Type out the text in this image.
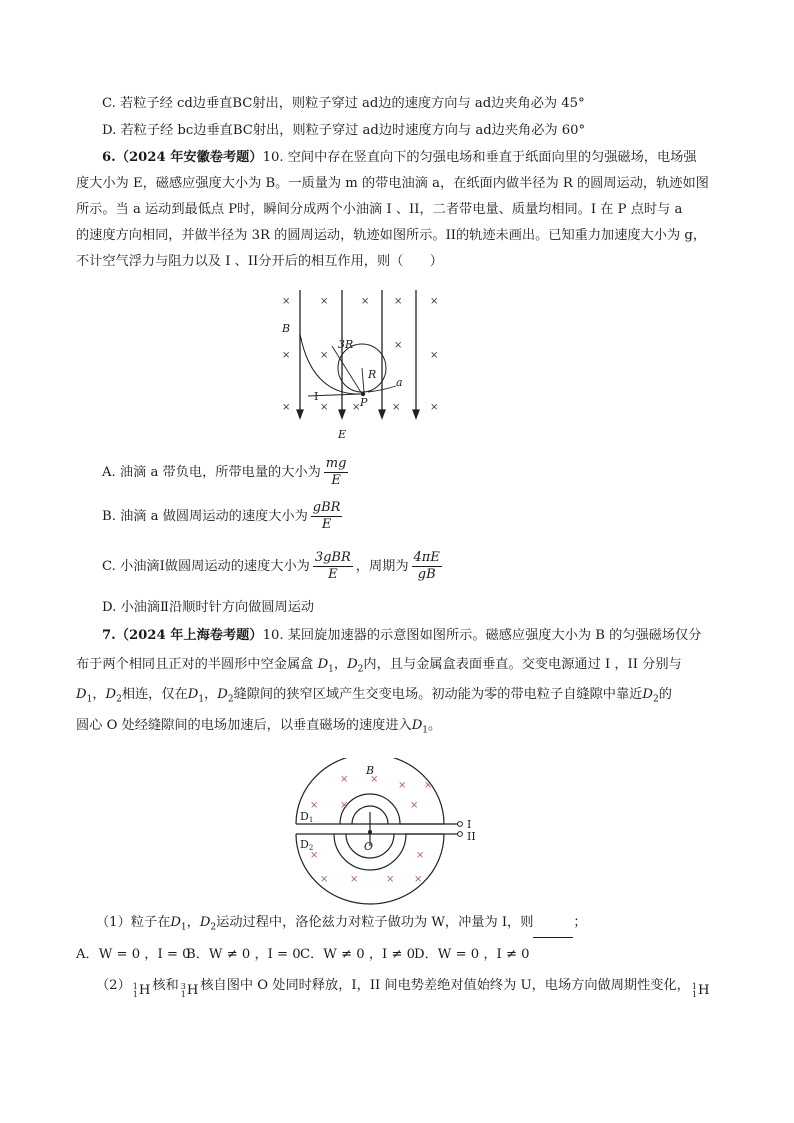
C. 若粒子经 cd边垂直BC射出，则粒子穿过 ad边的速度方向与 ad边夹角必为 45°
D. 若粒子经 bc边垂直BC射出，则粒子穿过 ad边时速度方向与 ad边夹角必为 60°
6.（2024 年安徽卷考题）10. 空间中存在竖直向下的匀强电场和垂直于纸面向里的匀强磁场，电场强
度大小为 E，磁感应强度大小为 B。一质量为 m 的带电油滴 a，在纸面内做半径为 R 的圆周运动，轨迹如图
所示。当 a 运动到最低点 P时，瞬间分成两个小油滴 I 、II，二者带电量、质量均相同。I 在 P 点时与 a
的速度方向相同，并做半径为 3R 的圆周运动，轨迹如图所示。II的轨迹未画出。已知重力加速度大小为 g，
不计空气浮力与阻力以及 I 、II分开后的相互作用，则（　　）
×	×	× ×	×
×	×
×
×
×	× ×	×	×
B
3R
R
P
a
I
E
A. 油滴 a 带负电，所带电量的大小为 $\frac{mg}{E}$
B. 油滴 a 做圆周运动的速度大小为 $\frac{\text{gBR}}{E}$
C. 小油滴Ⅰ做圆周运动的速度大小为 $\frac{\text{3gBR}}{E}$ ，周期为 $\frac{4\pi E}{gB}$
D. 小油滴Ⅱ沿顺时针方向做圆周运动
7.（2024 年上海卷考题）10. 某回旋加速器的示意图如图所示。磁感应强度大小为 B 的匀强磁场仅分
布于两个相同且正对的半圆形中空金属盒 $D_1$，$D_2$内，且与金属盒表面垂直。交变电源通过 I ，II 分别与
$D_1$，$D_2$相连，仅在$D_1$，$D_2$缝隙间的狭窄区域产生交变电场。初动能为零的带电粒子自缝隙中靠近$D_2$的
圆心 O 处经缝隙间的电场加速后，以垂直磁场的速度进入$D_1$。
× ×
× ×
×
×
×
×	×
× ×	× ×
B
D1
D2	O
I
II
（1）粒子在$D_1$，$D_2$运动过程中，洛伦兹力对粒子做功为 W，冲量为 I，则	；
A．W = 0 ，I = 0B．W ≠ 0 ，I = 0C．W ≠ 0 ，I ≠ 0D．W = 0 ，I ≠ 0
（2） 1
1 H 核和 3
1 H 核自图中 O 处同时释放，I，II 间电势差绝对值始终为 U，电场方向做周期性变化， 1
1 H
